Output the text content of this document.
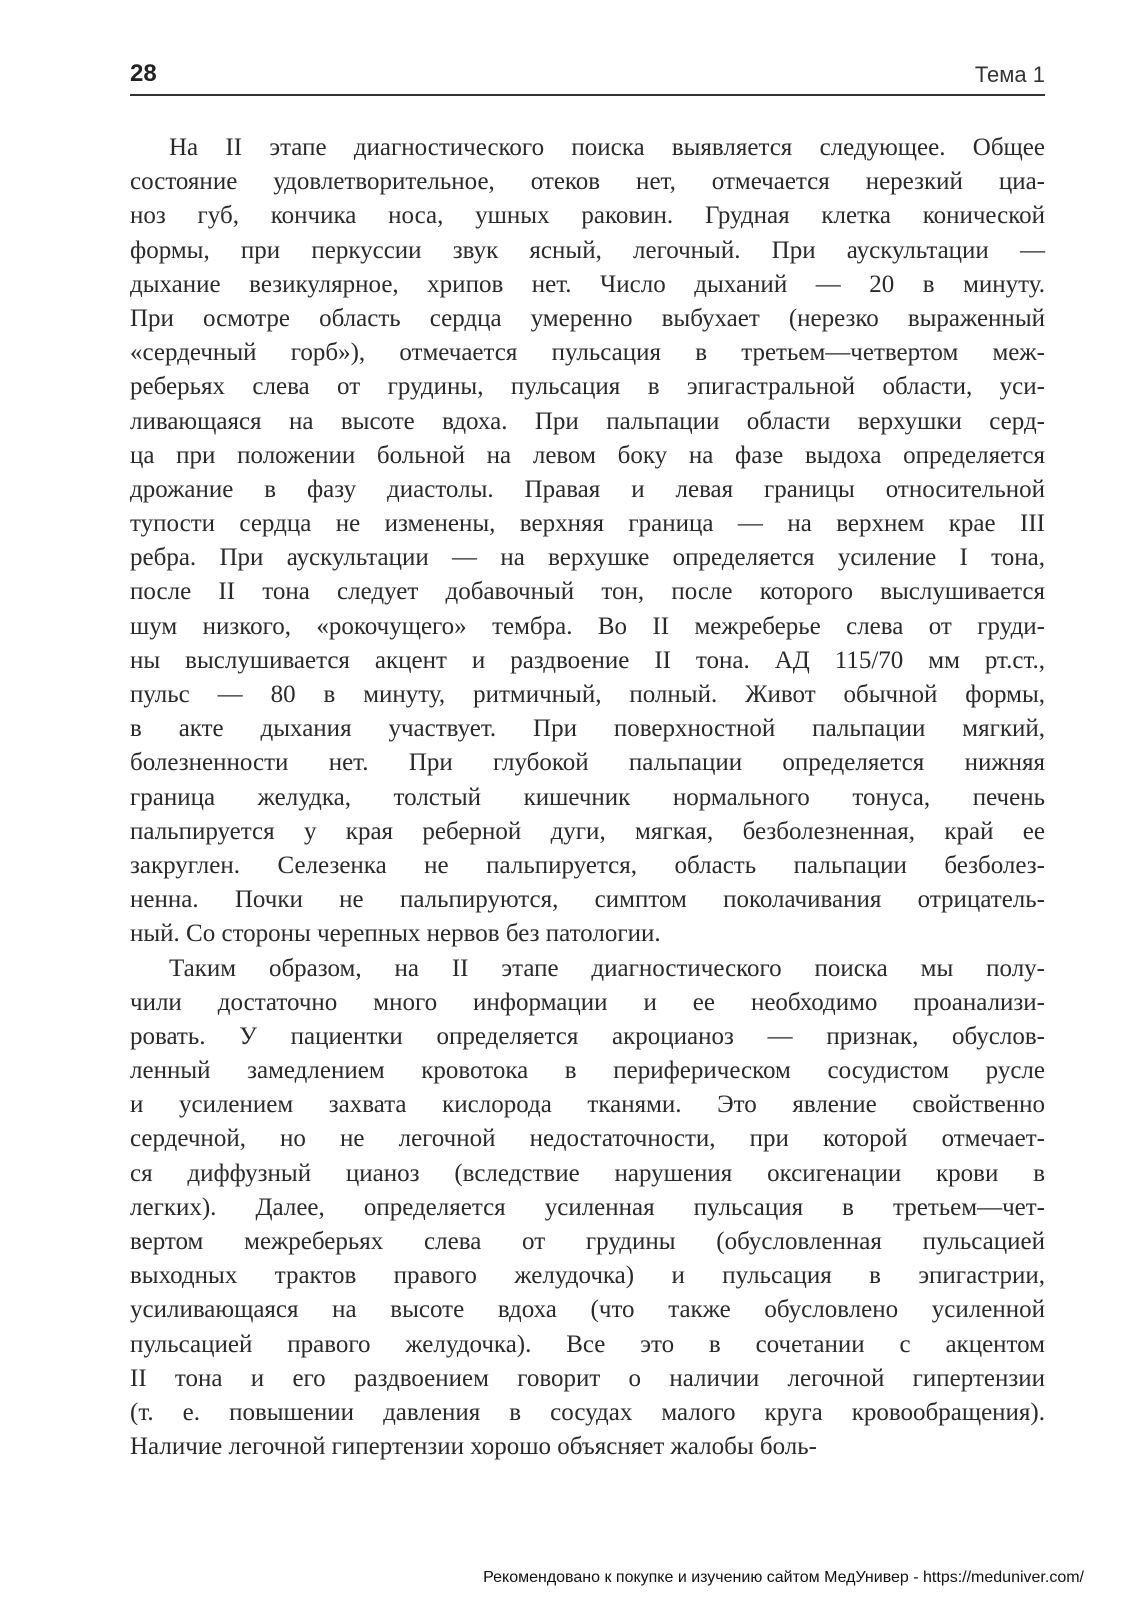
28	Тема 1
На II этапе диагностического поиска выявляется следующее. Общее
состояние удовлетворительное, отеков нет, отмечается нерезкий циа-
ноз губ, кончика носа, ушных раковин. Грудная клетка конической
формы, при перкуссии звук ясный, легочный. При аускультации —
дыхание везикулярное, хрипов нет. Число дыханий — 20 в минуту.
При осмотре область сердца умеренно выбухает (нерезко выраженный
«сердечный горб»), отмечается пульсация в третьем—четвертом меж-
реберьях слева от грудины, пульсация в эпигастральной области, уси-
ливающаяся на высоте вдоха. При пальпации области верхушки серд-
ца при положении больной на левом боку на фазе выдоха определяется
дрожание в фазу диастолы. Правая и левая границы относительной
тупости сердца не изменены, верхняя граница — на верхнем крае III
ребра. При аускультации — на верхушке определяется усиление I тона,
после II тона следует добавочный тон, после которого выслушивается
шум низкого, «рокочущего» тембра. Во II межреберье слева от груди-
ны выслушивается акцент и раздвоение II тона. АД 115/70 мм рт.ст.,
пульс — 80 в минуту, ритмичный, полный. Живот обычной формы,
в акте дыхания участвует. При поверхностной пальпации мягкий,
болезненности нет. При глубокой пальпации определяется нижняя
граница желудка, толстый кишечник нормального тонуса, печень
пальпируется у края реберной дуги, мягкая, безболезненная, край ее
закруглен. Селезенка не пальпируется, область пальпации безболез-
ненна. Почки не пальпируются, симптом поколачивания отрицатель-
ный. Со стороны черепных нервов без патологии.
Таким образом, на II этапе диагностического поиска мы полу-
чили достаточно много информации и ее необходимо проанализи-
ровать. У пациентки определяется акроцианоз — признак, обуслов-
ленный замедлением кровотока в периферическом сосудистом русле
и усилением захвата кислорода тканями. Это явление свойственно
сердечной, но не легочной недостаточности, при которой отмечает-
ся диффузный цианоз (вследствие нарушения оксигенации крови в
легких). Далее, определяется усиленная пульсация в третьем—чет-
вертом межреберьях слева от грудины (обусловленная пульсацией
выходных трактов правого желудочка) и пульсация в эпигастрии,
усиливающаяся на высоте вдоха (что также обусловлено усиленной
пульсацией правого желудочка). Все это в сочетании с акцентом
II тона и его раздвоением говорит о наличии легочной гипертензии
(т. е. повышении давления в сосудах малого круга кровообращения).
Наличие легочной гипертензии хорошо объясняет жалобы боль-
Рекомендовано к покупке и изучению сайтом МедУнивер - https://meduniver.com/
